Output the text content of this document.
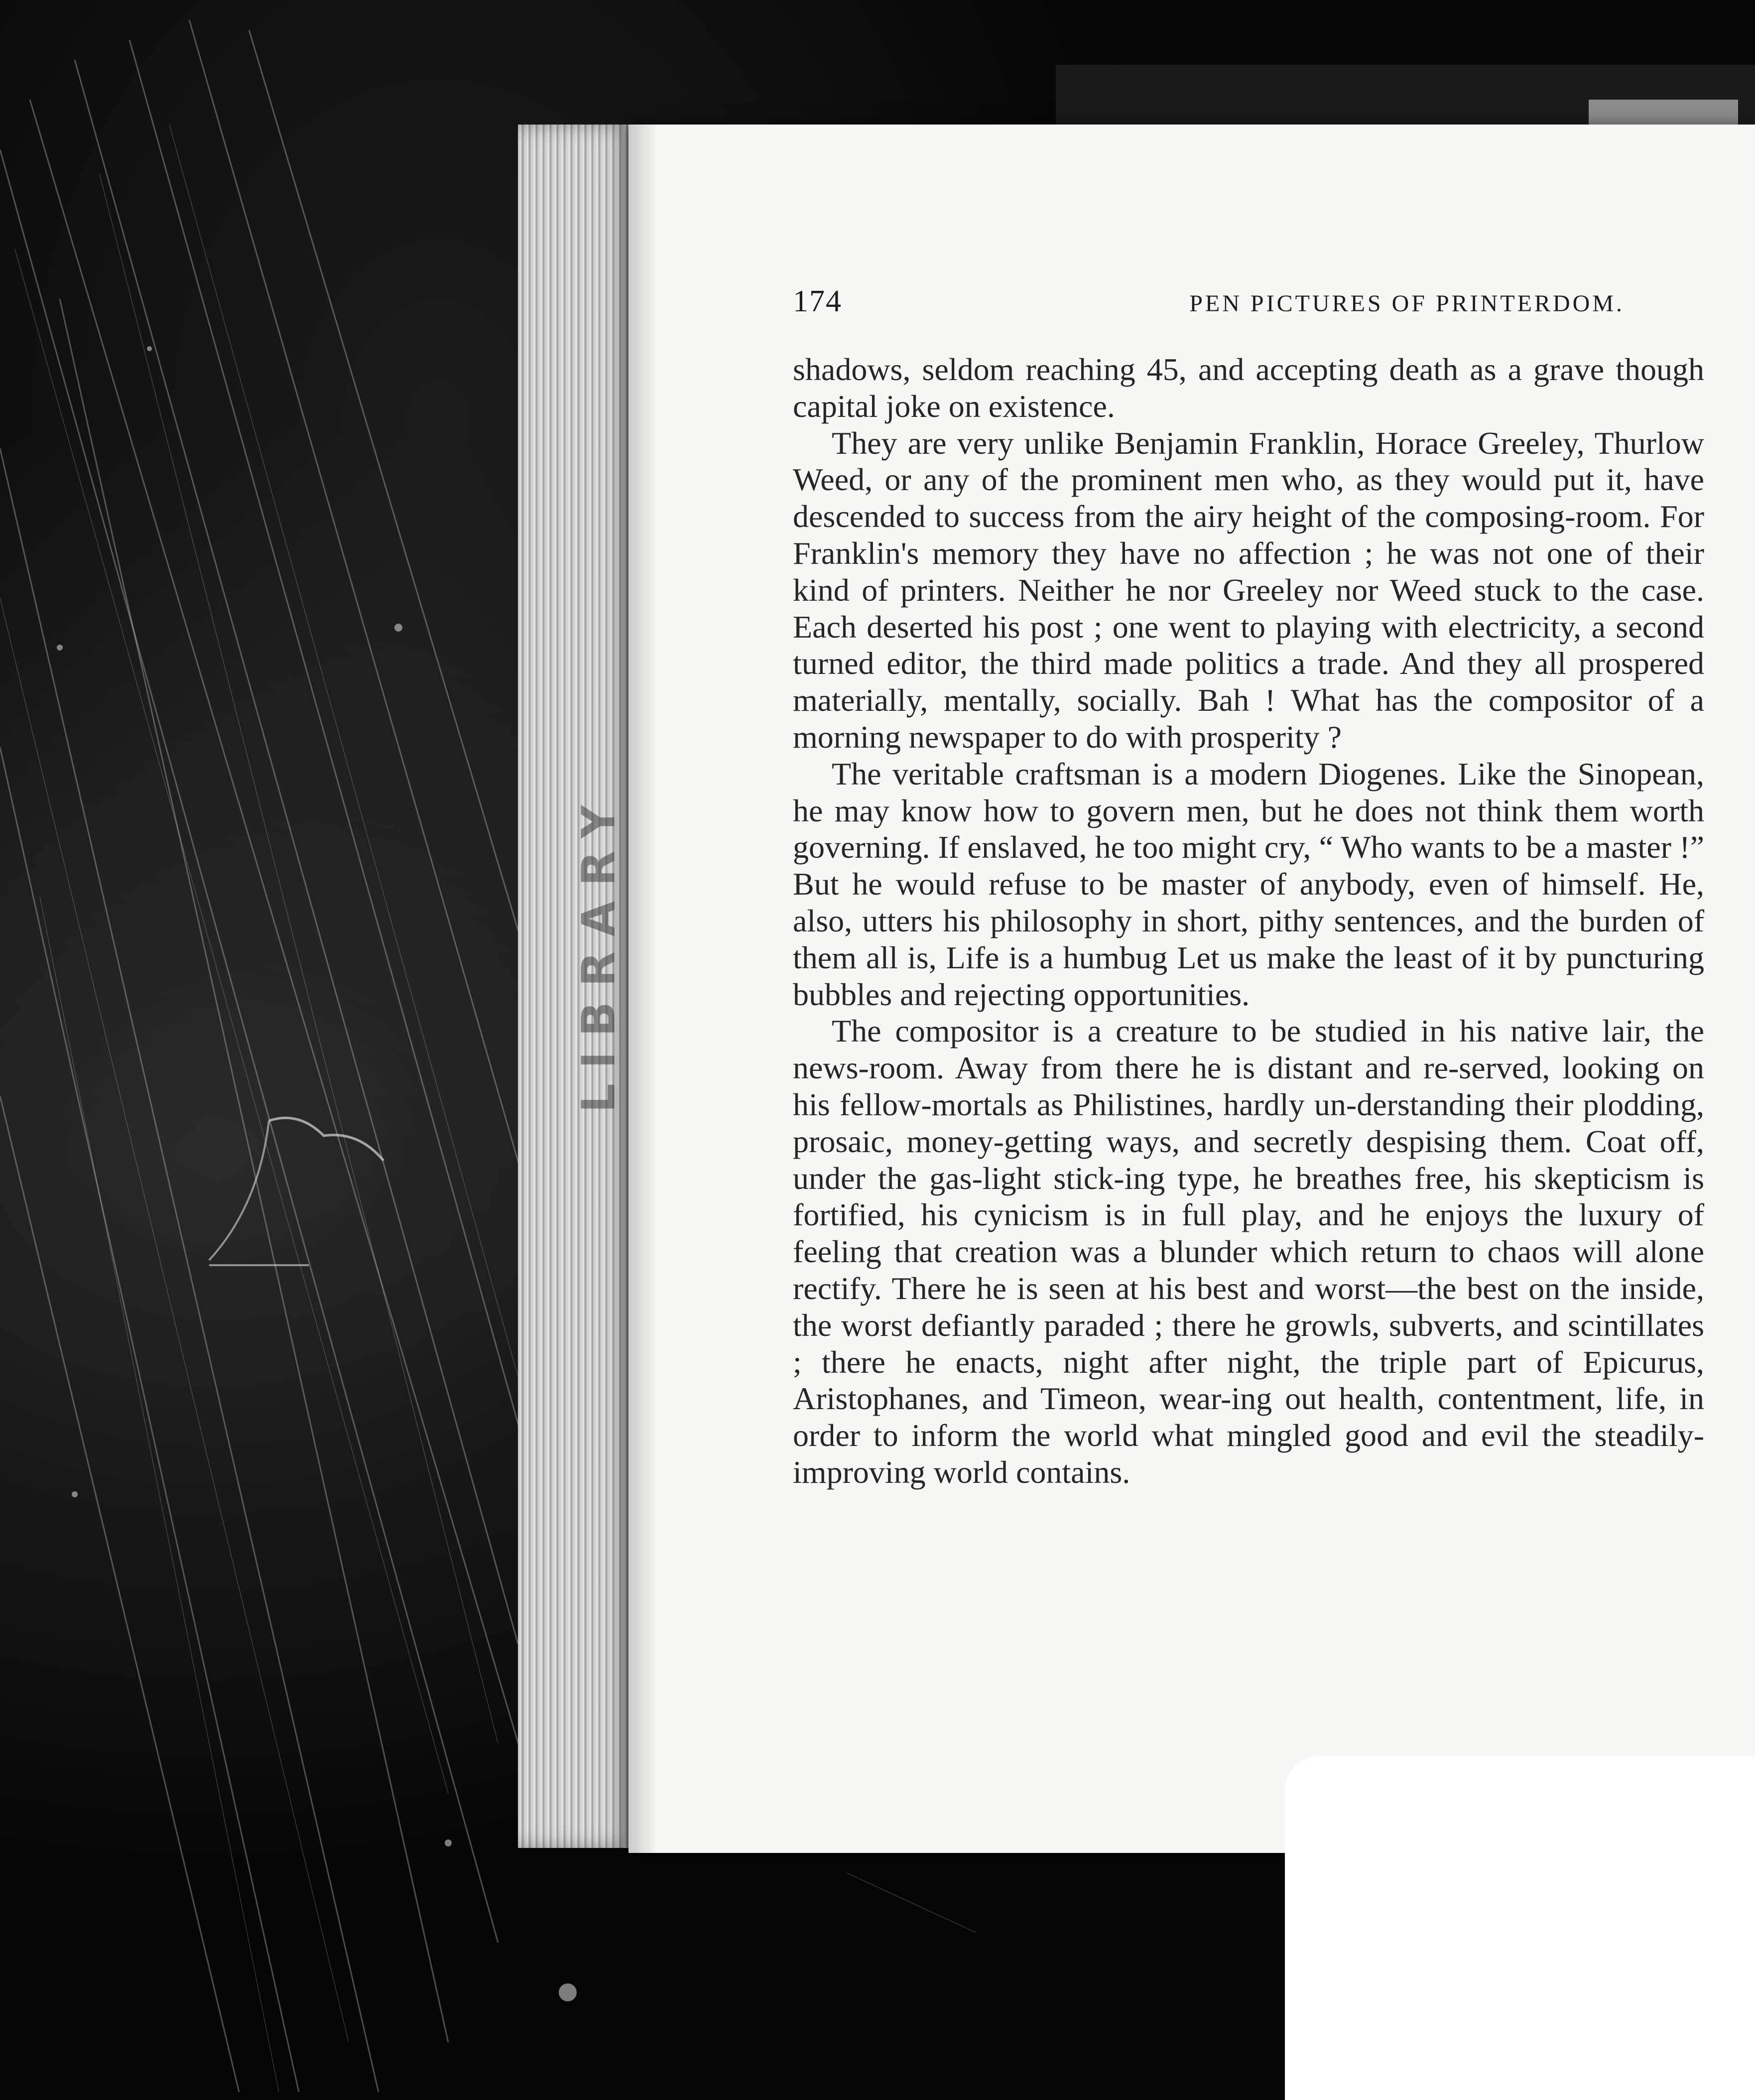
LIBRARY
174	PEN PICTURES OF PRINTERDOM.

shadows, seldom reaching 45, and accepting death as a grave though capital joke on existence.

They are very unlike Benjamin Franklin, Horace Greeley, Thurlow Weed, or any of the prominent men who, as they would put it, have descended to success from the airy height of the composing-room. For Franklin's memory they have no affection ; he was not one of their kind of printers. Neither he nor Greeley nor Weed stuck to the case. Each deserted his post ; one went to playing with electricity, a second turned editor, the third made politics a trade. And they all prospered materially, mentally, socially. Bah ! What has the compositor of a morning newspaper to do with prosperity ?

The veritable craftsman is a modern Diogenes. Like the Sinopean, he may know how to govern men, but he does not think them worth governing. If enslaved, he too might cry, “ Who wants to be a master !” But he would refuse to be master of anybody, even of himself. He, also, utters his philosophy in short, pithy sentences, and the burden of them all is, Life is a humbug Let us make the least of it by puncturing bubbles and rejecting opportunities.

The compositor is a creature to be studied in his native lair, the news-room. Away from there he is distant and re-served, looking on his fellow-mortals as Philistines, hardly un-derstanding their plodding, prosaic, money-getting ways, and secretly despising them. Coat off, under the gas-light stick-ing type, he breathes free, his skepticism is fortified, his cynicism is in full play, and he enjoys the luxury of feeling that creation was a blunder which return to chaos will alone rectify. There he is seen at his best and worst—the best on the inside, the worst defiantly paraded ; there he growls, subverts, and scintillates ; there he enacts, night after night, the triple part of Epicurus, Aristophanes, and Timeon, wear-ing out health, contentment, life, in order to inform the world what mingled good and evil the steadily-improving world contains.
